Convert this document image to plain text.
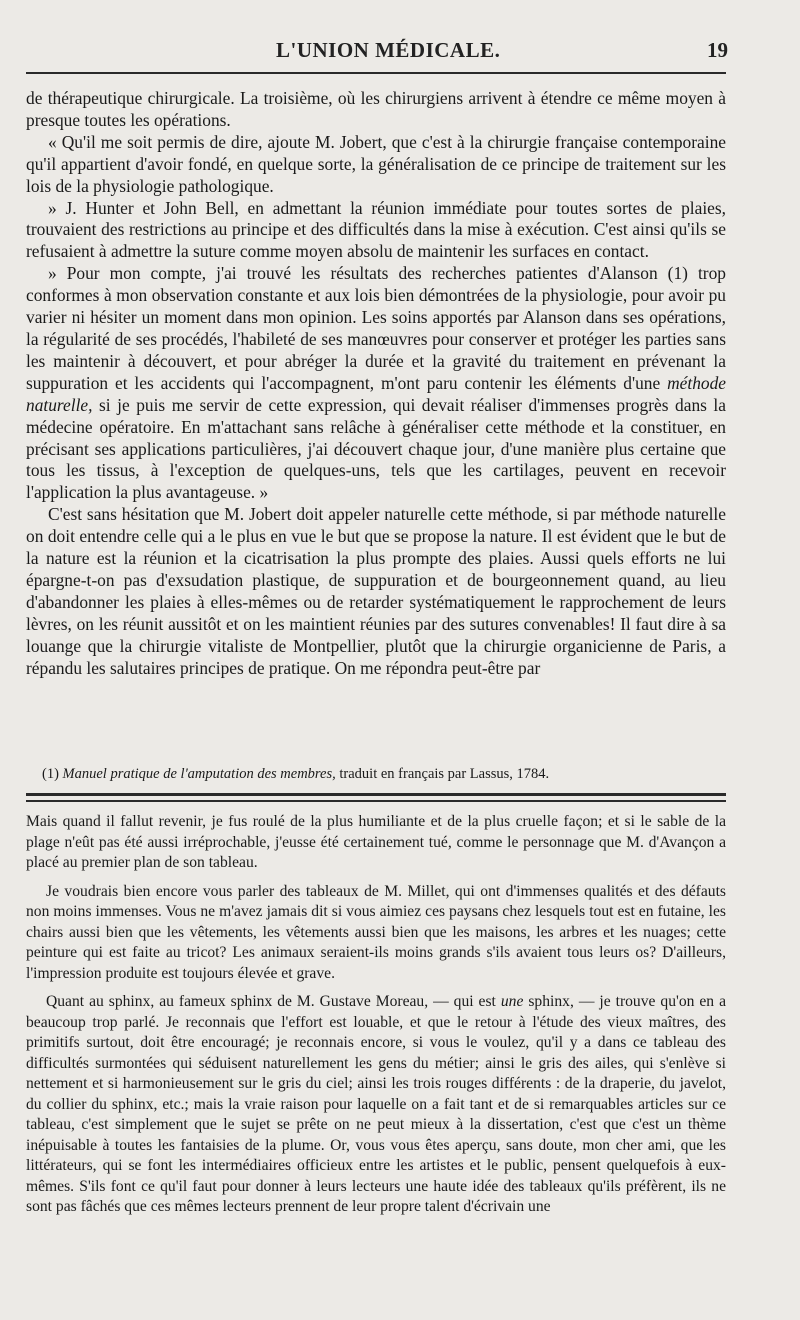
L'UNION MÉDICALE.	19

de thérapeutique chirurgicale. La troisième, où les chirurgiens arrivent à étendre ce même moyen à presque toutes les opérations.

« Qu'il me soit permis de dire, ajoute M. Jobert, que c'est à la chirurgie française contemporaine qu'il appartient d'avoir fondé, en quelque sorte, la généralisation de ce principe de traitement sur les lois de la physiologie pathologique.

» J. Hunter et John Bell, en admettant la réunion immédiate pour toutes sortes de plaies, trouvaient des restrictions au principe et des difficultés dans la mise à exécution. C'est ainsi qu'ils se refusaient à admettre la suture comme moyen absolu de maintenir les surfaces en contact.

» Pour mon compte, j'ai trouvé les résultats des recherches patientes d'Alanson (1) trop conformes à mon observation constante et aux lois bien démontrées de la physiologie, pour avoir pu varier ni hésiter un moment dans mon opinion. Les soins apportés par Alanson dans ses opérations, la régularité de ses procédés, l'habileté de ses manœuvres pour conserver et protéger les parties sans les maintenir à découvert, et pour abréger la durée et la gravité du traitement en prévenant la suppuration et les accidents qui l'accompagnent, m'ont paru contenir les éléments d'une méthode naturelle, si je puis me servir de cette expression, qui devait réaliser d'immenses progrès dans la médecine opératoire. En m'attachant sans relâche à généraliser cette méthode et la constituer, en précisant ses applications particulières, j'ai découvert chaque jour, d'une manière plus certaine que tous les tissus, à l'exception de quelques-uns, tels que les cartilages, peuvent en recevoir l'application la plus avantageuse. »

C'est sans hésitation que M. Jobert doit appeler naturelle cette méthode, si par méthode naturelle on doit entendre celle qui a le plus en vue le but que se propose la nature. Il est évident que le but de la nature est la réunion et la cicatrisation la plus prompte des plaies. Aussi quels efforts ne lui épargne-t-on pas d'exsudation plastique, de suppuration et de bourgeonnement quand, au lieu d'abandonner les plaies à elles-mêmes ou de retarder systématiquement le rapprochement de leurs lèvres, on les réunit aussitôt et on les maintient réunies par des sutures convenables! Il faut dire à sa louange que la chirurgie vitaliste de Montpellier, plutôt que la chirurgie organicienne de Paris, a répandu les salutaires principes de pratique. On me répondra peut-être par

(1) Manuel pratique de l'amputation des membres, traduit en français par Lassus, 1784.

Mais quand il fallut revenir, je fus roulé de la plus humiliante et de la plus cruelle façon; et si le sable de la plage n'eût pas été aussi irréprochable, j'eusse été certainement tué, comme le personnage que M. d'Avançon a placé au premier plan de son tableau.

Je voudrais bien encore vous parler des tableaux de M. Millet, qui ont d'immenses qualités et des défauts non moins immenses. Vous ne m'avez jamais dit si vous aimiez ces paysans chez lesquels tout est en futaine, les chairs aussi bien que les vêtements, les vêtements aussi bien que les maisons, les arbres et les nuages; cette peinture qui est faite au tricot? Les animaux seraient-ils moins grands s'ils avaient tous leurs os? D'ailleurs, l'impression produite est toujours élevée et grave.

Quant au sphinx, au fameux sphinx de M. Gustave Moreau, — qui est une sphinx, — je trouve qu'on en a beaucoup trop parlé. Je reconnais que l'effort est louable, et que le retour à l'étude des vieux maîtres, des primitifs surtout, doit être encouragé; je reconnais encore, si vous le voulez, qu'il y a dans ce tableau des difficultés surmontées qui séduisent naturellement les gens du métier; ainsi le gris des ailes, qui s'enlève si nettement et si harmonieusement sur le gris du ciel; ainsi les trois rouges différents : de la draperie, du javelot, du collier du sphinx, etc.; mais la vraie raison pour laquelle on a fait tant et de si remarquables articles sur ce tableau, c'est simplement que le sujet se prête on ne peut mieux à la dissertation, c'est que c'est un thème inépuisable à toutes les fantaisies de la plume. Or, vous vous êtes aperçu, sans doute, mon cher ami, que les littérateurs, qui se font les intermédiaires officieux entre les artistes et le public, pensent quelquefois à eux-mêmes. S'ils font ce qu'il faut pour donner à leurs lecteurs une haute idée des tableaux qu'ils préfèrent, ils ne sont pas fâchés que ces mêmes lecteurs prennent de leur propre talent d'écrivain une
